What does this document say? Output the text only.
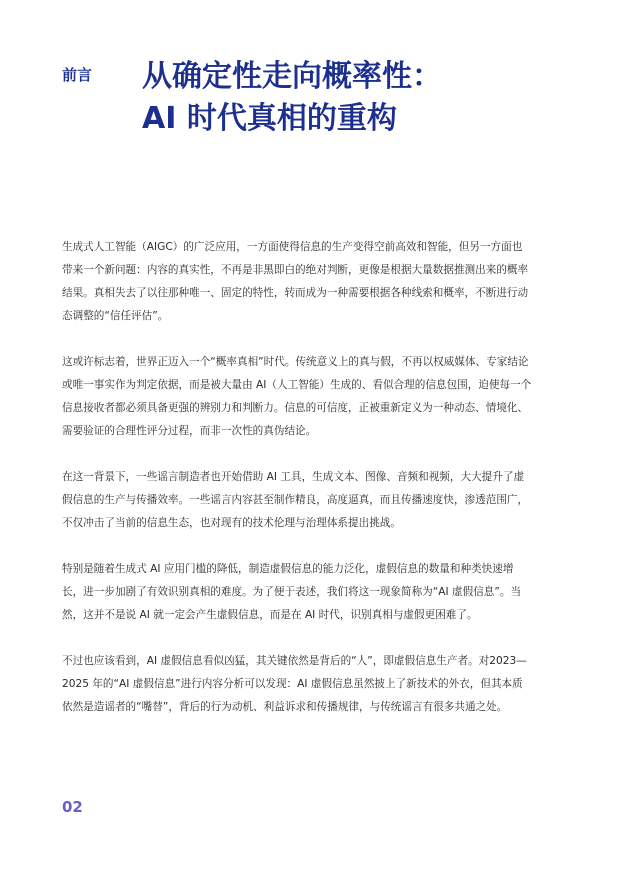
前言 从确定性走向概率性：
AI 时代真相的重构

生成式人工智能（AIGC）的广泛应用，一方面使得信息的生产变得空前高效和智能，但另一方面也带来一个新问题：内容的真实性，不再是非黑即白的绝对判断，更像是根据大量数据推测出来的概率结果。真相失去了以往那种唯一、固定的特性，转而成为一种需要根据各种线索和概率，不断进行动态调整的“信任评估”。

这或许标志着，世界正迈入一个“概率真相”时代。传统意义上的真与假，不再以权威媒体、专家结论或唯一事实作为判定依据，而是被大量由 AI（人工智能）生成的、看似合理的信息包围，迫使每一个信息接收者都必须具备更强的辨别力和判断力。信息的可信度，正被重新定义为一种动态、情境化、需要验证的合理性评分过程，而非一次性的真伪结论。

在这一背景下，一些谣言制造者也开始借助 AI 工具，生成文本、图像、音频和视频，大大提升了虚假信息的生产与传播效率。一些谣言内容甚至制作精良，高度逼真，而且传播速度快，渗透范围广，不仅冲击了当前的信息生态，也对现有的技术伦理与治理体系提出挑战。

特别是随着生成式 AI 应用门槛的降低，制造虚假信息的能力泛化，虚假信息的数量和种类快速增长，进一步加剧了有效识别真相的难度。为了便于表述，我们将这一现象简称为“AI 虚假信息”。当然，这并不是说 AI 就一定会产生虚假信息，而是在 AI 时代，识别真相与虚假更困难了。

不过也应该看到，AI 虚假信息看似凶猛，其关键依然是背后的“人”，即虚假信息生产者。对2023—2025 年的“AI 虚假信息”进行内容分析可以发现：AI 虚假信息虽然披上了新技术的外衣，但其本质依然是造谣者的“嘴替”，背后的行为动机、利益诉求和传播规律，与传统谣言有很多共通之处。

02
